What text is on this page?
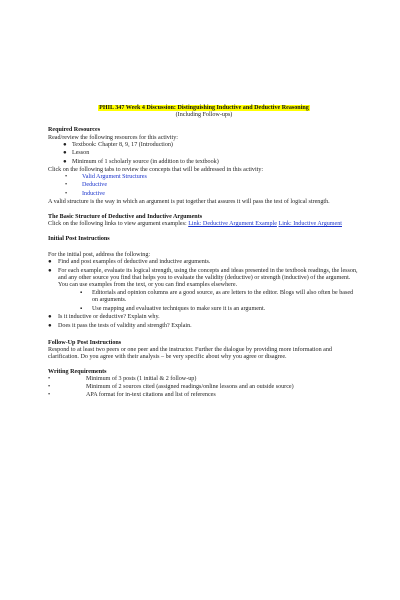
PHIL 347 Week 4 Discussion: Distinguishing Inductive and Deductive Reasoning

(Including Follow-ups)

Required Resources

Read/review the following resources for this activity:

● Textbook: Chapter 8, 9, 17 (Introduction)
● Lesson
● Minimum of 1 scholarly source (in addition to the textbook)

Click on the following tabs to review the concepts that will be addressed in this activity:

• Valid Argument Structures
• Deductive
• Inductive

A valid structure is the way in which an argument is put together that assures it will pass the test of logical strength.

The Basic Structure of Deductive and Inductive Arguments

Click on the following links to view argument examples: Link: Deductive Argument Example Link: Inductive Argument

Initial Post Instructions

For the initial post, address the following:

● Find and post examples of deductive and inductive arguments.
● For each example, evaluate its logical strength, using the concepts and ideas presented in the textbook readings, the lesson, and any other source you find that helps you to evaluate the validity (deductive) or strength (inductive) of the argument. You can use examples from the text, or you can find examples elsewhere.
▪ Editorials and opinion columns are a good source, as are letters to the editor. Blogs will also often be based on arguments.
▪ Use mapping and evaluative techniques to make sure it is an argument.
● Is it inductive or deductive? Explain why.
● Does it pass the tests of validity and strength? Explain.

Follow-Up Post Instructions

Respond to at least two peers or one peer and the instructor. Further the dialogue by providing more information and clarification. Do you agree with their analysis – be very specific about why you agree or disagree.

Writing Requirements

•	Minimum of 3 posts (1 initial & 2 follow-up)
•	Minimum of 2 sources cited (assigned readings/online lessons and an outside source)
•	APA format for in-text citations and list of references
